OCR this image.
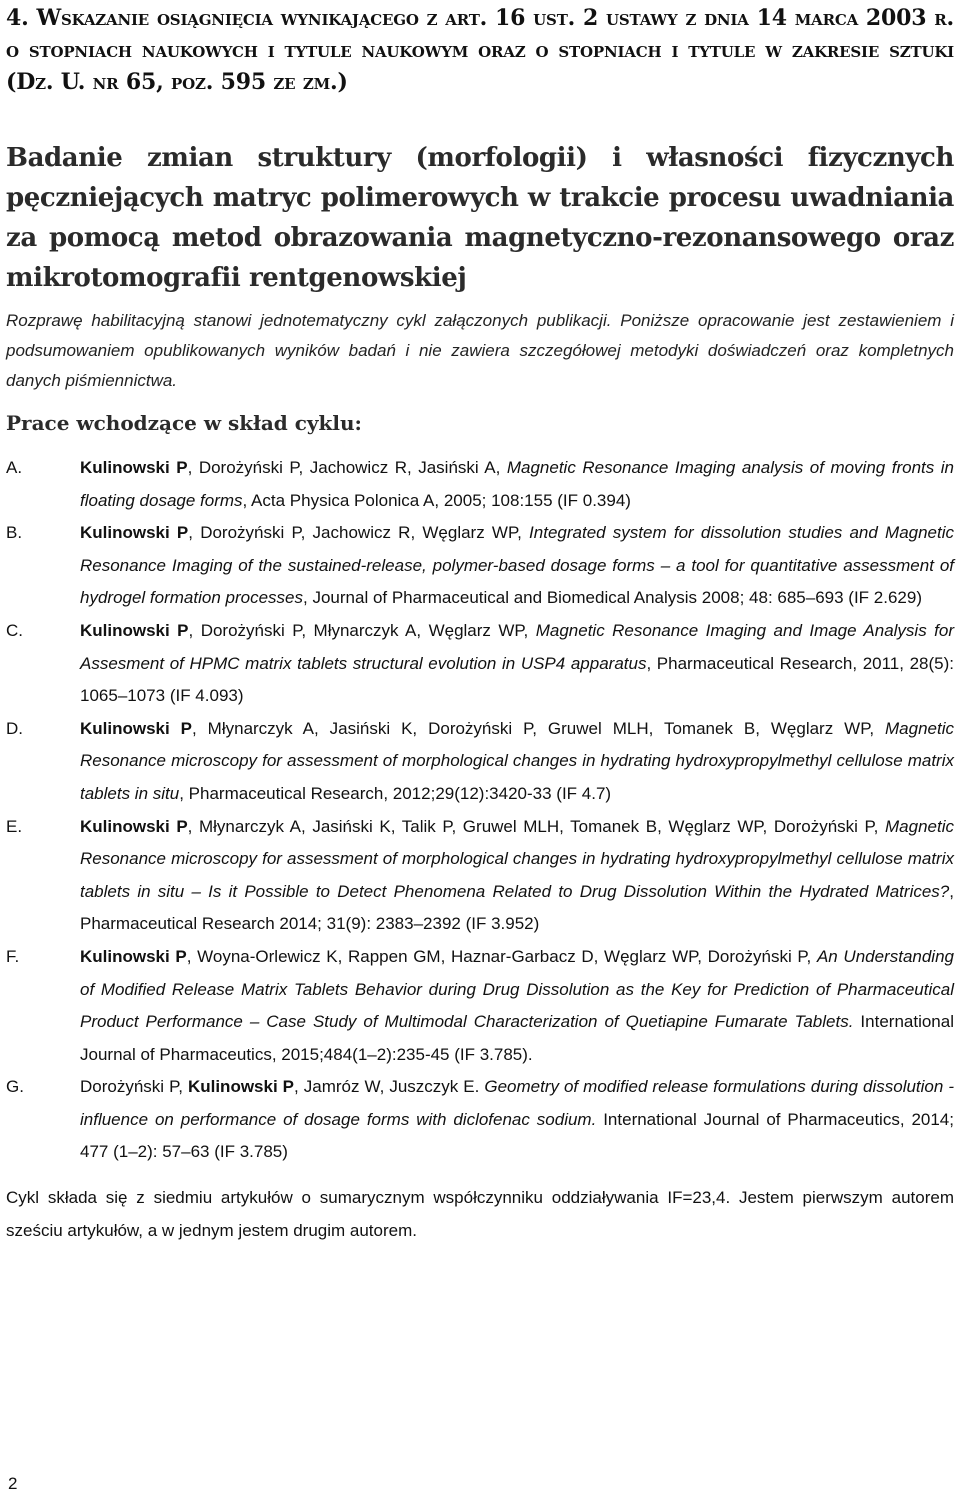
4. Wskazanie osiągnięcia wynikającego z art. 16 ust. 2 ustawy z dnia 14 marca 2003 r. o stopniach naukowych i tytule naukowym oraz o stopniach i tytule w zakresie sztuki (Dz. U. nr 65, poz. 595 ze zm.)
Badanie zmian struktury (morfologii) i własności fizycznych pęczniejących matryc polimerowych w trakcie procesu uwadniania za pomocą metod obrazowania magnetyczno-rezonansowego oraz mikrotomografii rentgenowskiej

Rozprawę habilitacyjną stanowi jednotematyczny cykl załączonych publikacji. Poniższe opracowanie jest zestawieniem i podsumowaniem opublikowanych wyników badań i nie zawiera szczegółowej metodyki doświadczeń oraz kompletnych danych piśmiennictwa.

Prace wchodzące w skład cyklu:
A.	Kulinowski P, Dorożyński P, Jachowicz R, Jasiński A, Magnetic Resonance Imaging analysis of moving fronts in floating dosage forms, Acta Physica Polonica A, 2005; 108:155 (IF 0.394)
B.	Kulinowski P, Dorożyński P, Jachowicz R, Węglarz WP, Integrated system for dissolution studies and Magnetic Resonance Imaging of the sustained-release, polymer-based dosage forms – a tool for quantitative assessment of hydrogel formation processes, Journal of Pharmaceutical and Biomedical Analysis 2008; 48: 685–693 (IF 2.629)
C.	Kulinowski P, Dorożyński P, Młynarczyk A, Węglarz WP, Magnetic Resonance Imaging and Image Analysis for Assesment of HPMC matrix tablets structural evolution in USP4 apparatus, Pharmaceutical Research, 2011, 28(5): 1065–1073 (IF 4.093)
D.	Kulinowski P, Młynarczyk A, Jasiński K, Dorożyński P, Gruwel MLH, Tomanek B, Węglarz WP, Magnetic Resonance microscopy for assessment of morphological changes in hydrating hydroxypropylmethyl cellulose matrix tablets in situ, Pharmaceutical Research, 2012;29(12):3420-33 (IF 4.7)
E.	Kulinowski P, Młynarczyk A, Jasiński K, Talik P, Gruwel MLH, Tomanek B, Węglarz WP, Dorożyński P, Magnetic Resonance microscopy for assessment of morphological changes in hydrating hydroxypropylmethyl cellulose matrix tablets in situ – Is it Possible to Detect Phenomena Related to Drug Dissolution Within the Hydrated Matrices?, Pharmaceutical Research 2014; 31(9): 2383–2392 (IF 3.952)
F.	Kulinowski P, Woyna-Orlewicz K, Rappen GM, Haznar-Garbacz D, Węglarz WP, Dorożyński P, An Understanding of Modified Release Matrix Tablets Behavior during Drug Dissolution as the Key for Prediction of Pharmaceutical Product Performance – Case Study of Multimodal Characterization of Quetiapine Fumarate Tablets. International Journal of Pharmaceutics, 2015;484(1–2):235-45 (IF 3.785).
G.	Dorożyński P, Kulinowski P, Jamróz W, Juszczyk E. Geometry of modified release formulations during dissolution - influence on performance of dosage forms with diclofenac sodium. International Journal of Pharmaceutics, 2014; 477 (1–2): 57–63 (IF 3.785)

Cykl składa się z siedmiu artykułów o sumarycznym współczynniku oddziaływania IF=23,4. Jestem pierwszym autorem sześciu artykułów, a w jednym jestem drugim autorem.

2
